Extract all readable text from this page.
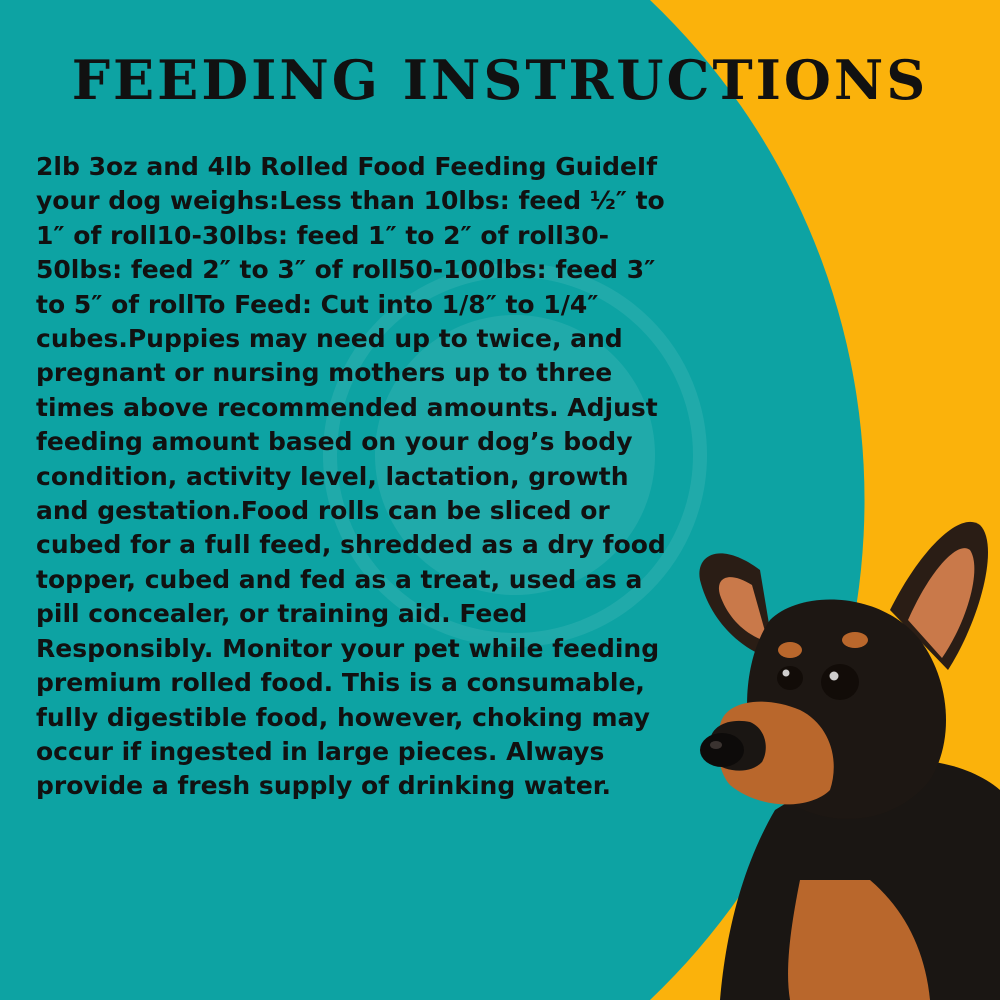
FEEDING INSTRUCTIONS

2lb 3oz and 4lb Rolled Food Feeding GuideIf your dog weighs:Less than 10lbs: feed ½″ to 1″ of roll10-30lbs: feed 1″ to 2″ of roll30-50lbs: feed 2″ to 3″ of roll50-100lbs: feed 3″ to 5″ of rollTo Feed: Cut into 1/8″ to 1/4″ cubes.Puppies may need up to twice, and pregnant or nursing mothers up to three times above recommended amounts. Adjust feeding amount based on your dog’s body condition, activity level, lactation, growth and gestation.Food rolls can be sliced or cubed for a full feed, shredded as a dry food topper, cubed and fed as a treat, used as a pill concealer, or training aid. Feed Responsibly. Monitor your pet while feeding premium rolled food. This is a consumable, fully digestible food, however, choking may occur if ingested in large pieces. Always provide a fresh supply of drinking water.
